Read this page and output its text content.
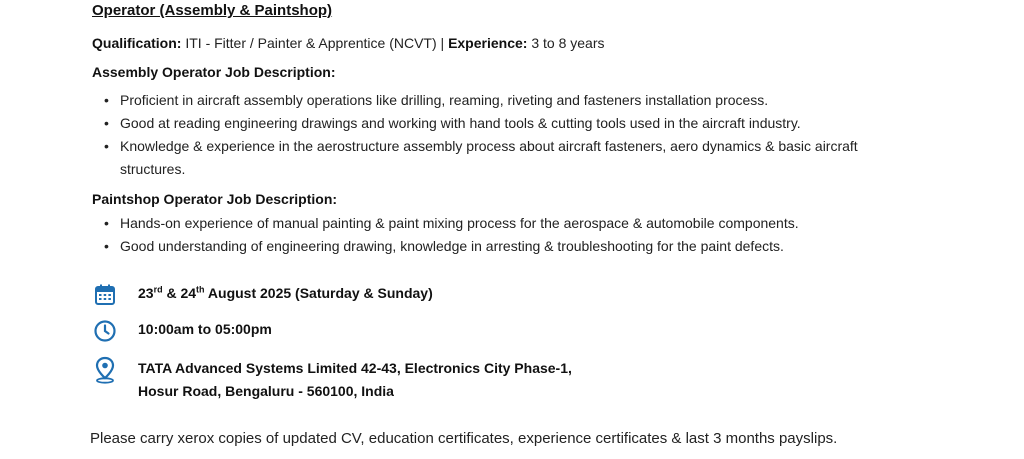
Operator (Assembly & Paintshop)
Qualification: ITI - Fitter / Painter & Apprentice (NCVT) | Experience: 3 to 8 years
Assembly Operator Job Description:
• Proficient in aircraft assembly operations like drilling, reaming, riveting and fasteners installation process.
• Good at reading engineering drawings and working with hand tools & cutting tools used in the aircraft industry.
• Knowledge & experience in the aerostructure assembly process about aircraft fasteners, aero dynamics & basic aircraft structures.
Paintshop Operator Job Description:
• Hands-on experience of manual painting & paint mixing process for the aerospace & automobile components.
• Good understanding of engineering drawing, knowledge in arresting & troubleshooting for the paint defects.
23rd & 24th August 2025 (Saturday & Sunday)
10:00am to 05:00pm
TATA Advanced Systems Limited 42-43, Electronics City Phase-1,
Hosur Road, Bengaluru - 560100, India
Please carry xerox copies of updated CV, education certificates, experience certificates & last 3 months payslips.
